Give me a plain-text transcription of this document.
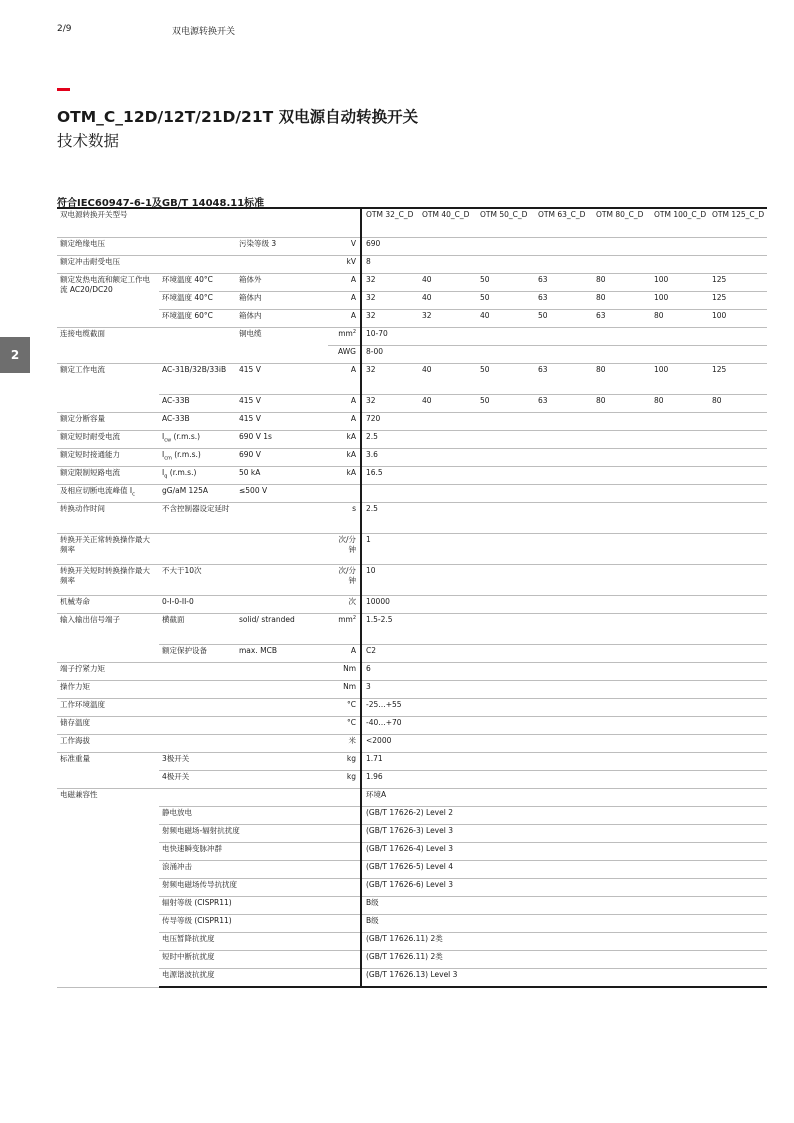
2/9	双电源转换开关
OTM_C_12D/12T/21D/21T 双电源自动转换开关
技术数据
符合IEC60947-6-1及GB/T 14048.11标准
2
双电源转换开关型号				OTM 32_C_D	OTM 40_C_D	OTM 50_C_D	OTM 63_C_D	OTM 80_C_D	OTM 100_C_D	OTM 125_C_D
额定绝缘电压		污染等级 3	V	690						
额定冲击耐受电压			kV	8						
额定发热电流和额定工作电流 AC20/DC20	环境温度 40°C	箱体外	A	32	40	50	63	80	100	125
	环境温度 40°C	箱体内	A	32	40	50	63	80	100	125
	环境温度 60°C	箱体内	A	32	32	40	50	63	80	100
连接电缆截面		铜电缆	$mm^2$	10-70						
			AWG	8-00						
额定工作电流	AC-31B/32B/33iB	415 V	A	32	40	50	63	80	100	125
	AC-33B	415 V	A	32	40	50	63	80	80	80
额定分断容量	AC-33B	415 V	A	720						
额定短时耐受电流	$I_{cw}$ (r.m.s.)	690 V 1s	kA	2.5						
额定短时接通能力	$I_{cm}$ (r.m.s.)	690 V	kA	3.6						
额定限制短路电流	$I_q$ (r.m.s.)	50 kA	kA	16.5						
及相应切断电流峰值 $I_c$	gG/aM 125A	≤500 V								
转换动作时间	不含控制器设定延时		s	2.5						
转换开关正常转换操作最大频率			次/分钟	1						
转换开关短时转换操作最大频率	不大于10次		次/分钟	10						
机械寿命	0-I-0-II-0		次	10000						
输入输出信号端子	横截面	solid/ stranded	$mm^2$	1.5-2.5						
	额定保护设备	max. MCB	A	C2						
端子拧紧力矩			Nm	6						
操作力矩			Nm	3						
工作环境温度			°C	-25…+55						
储存温度			°C	-40…+70						
工作海拔			米	<2000						
标准重量	3极开关		kg	1.71						
	4极开关		kg	1.96						
电磁兼容性				环境A						
	静电放电			(GB/T 17626-2) Level 2						
	射频电磁场-辐射抗扰度			(GB/T 17626-3) Level 3						
	电快速瞬变脉冲群			(GB/T 17626-4) Level 3						
	浪涌冲击			(GB/T 17626-5) Level 4						
	射频电磁场传导抗扰度			(GB/T 17626-6) Level 3						
	辐射等级 (CISPR11)			B级						
	传导等级 (CISPR11)			B级						
	电压暂降抗扰度			(GB/T 17626.11) 2类						
	短时中断抗扰度			(GB/T 17626.11) 2类						
	电源谐波抗扰度			(GB/T 17626.13) Level 3						
